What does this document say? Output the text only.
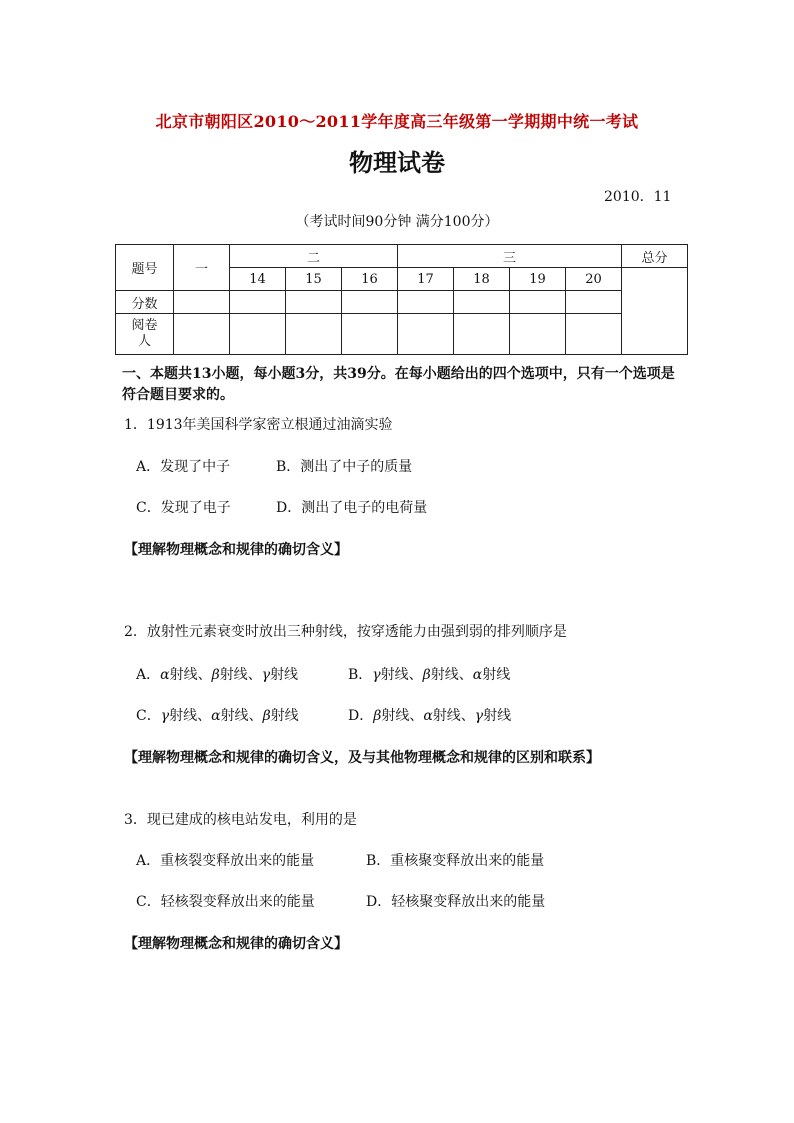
北京市朝阳区2010～2011学年度高三年级第一学期期中统一考试
物理试卷
2010．11
（考试时间90分钟 满分100分）
题号	一	二			三				总分
		14	15	16	17	18	19	20	
分数									

阅卷人									

一、本题共13小题，每小题3分，共39分。在每小题给出的四个选项中，只有一个选项是符合题目要求的。
1．1913年美国科学家密立根通过油滴实验
A．发现了中子	B．测出了中子的质量
C．发现了电子	D．测出了电子的电荷量
【理解物理概念和规律的确切含义】
2．放射性元素衰变时放出三种射线，按穿透能力由强到弱的排列顺序是
A．α射线、β射线、γ射线	B．γ射线、β射线、α射线
C．γ射线、α射线、β射线	D．β射线、α射线、γ射线
【理解物理概念和规律的确切含义，及与其他物理概念和规律的区别和联系】
3．现已建成的核电站发电，利用的是
A．重核裂变释放出来的能量	B．重核聚变释放出来的能量
C．轻核裂变释放出来的能量	D．轻核聚变释放出来的能量
【理解物理概念和规律的确切含义】
